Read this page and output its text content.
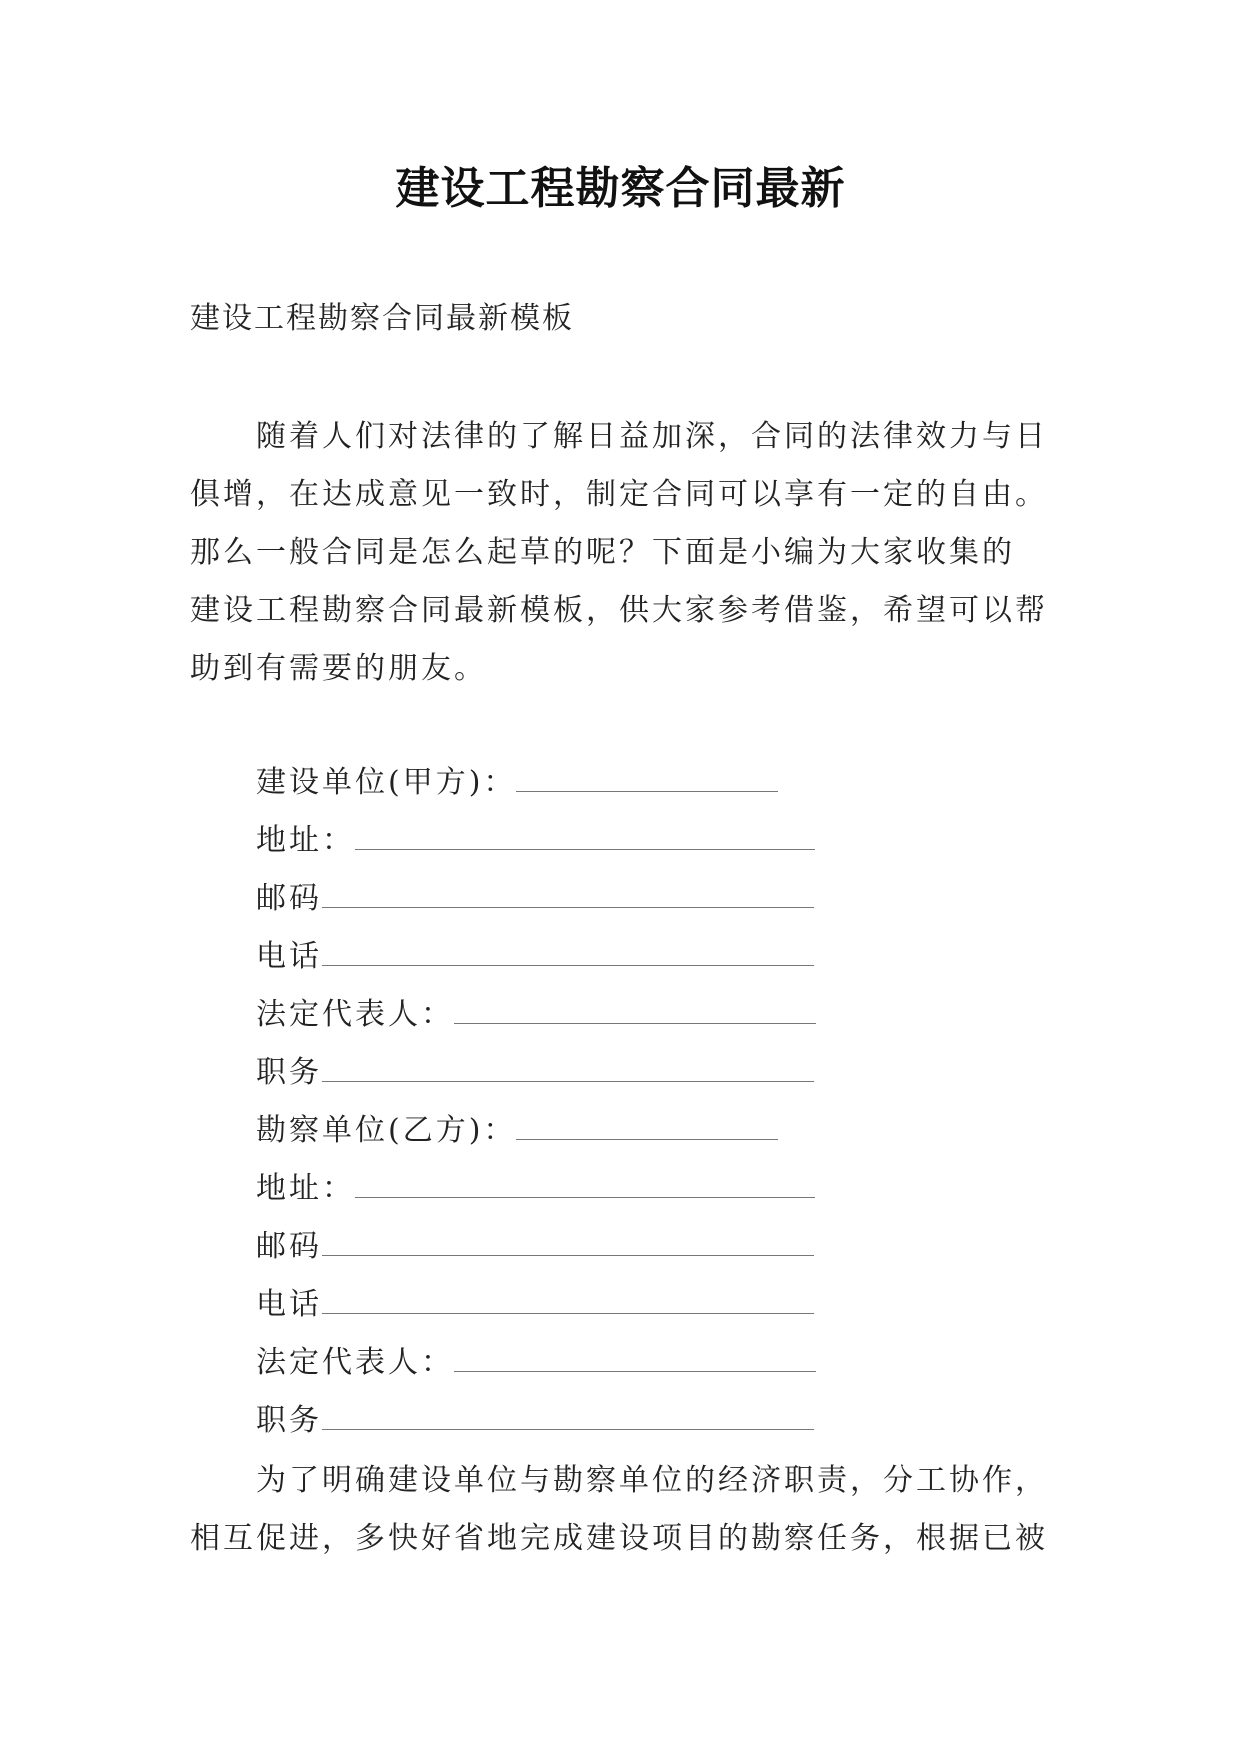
建设工程勘察合同最新
建设工程勘察合同最新模板
随着人们对法律的了解日益加深，合同的法律效力与日
俱增，在达成意见一致时，制定合同可以享有一定的自由。
那么一般合同是怎么起草的呢？下面是小编为大家收集的
建设工程勘察合同最新模板，供大家参考借鉴，希望可以帮
助到有需要的朋友。
建设单位(甲方)：
地址：
邮码
电话
法定代表人：
职务
勘察单位(乙方)：
地址：
邮码
电话
法定代表人：
职务
为了明确建设单位与勘察单位的经济职责，分工协作，
相互促进，多快好省地完成建设项目的勘察任务，根据已被
